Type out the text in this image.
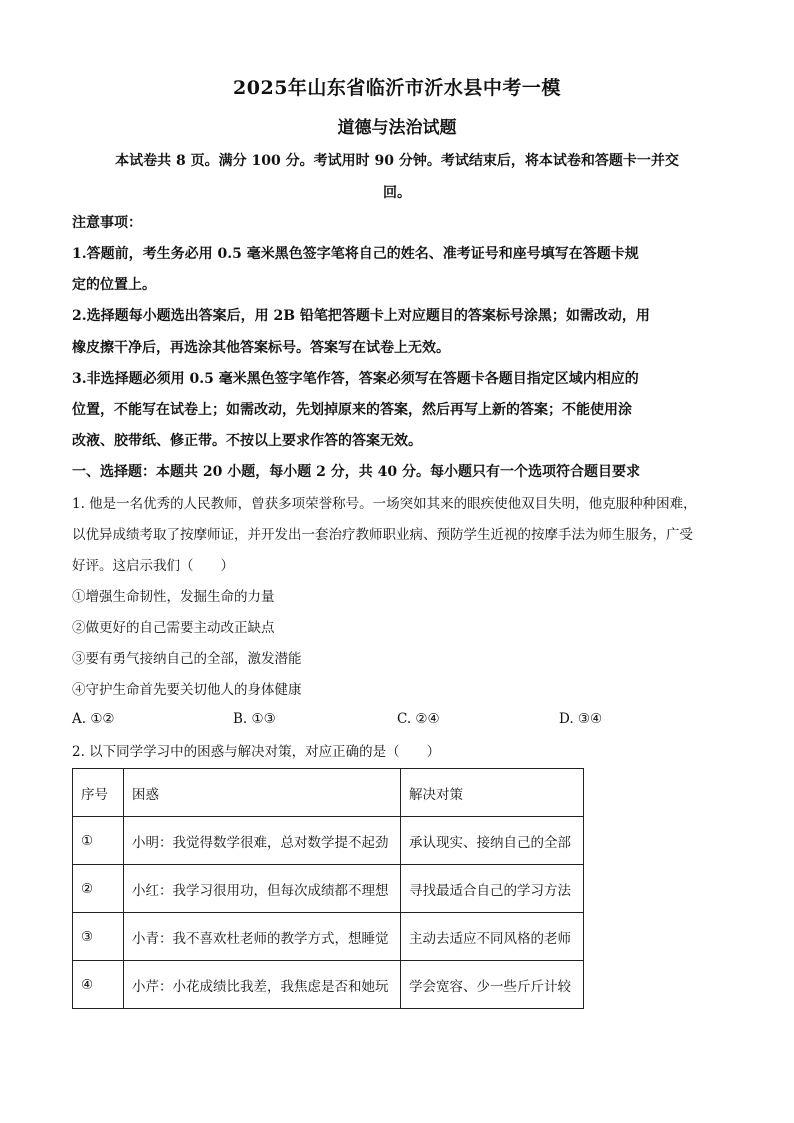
2025年山东省临沂市沂水县中考一模
道德与法治试题
本试卷共 8 页。满分 100 分。考试用时 90 分钟。考试结束后，将本试卷和答题卡一并交
回。
注意事项：
1.答题前，考生务必用 0.5 毫米黑色签字笔将自己的姓名、准考证号和座号填写在答题卡规
定的位置上。
2.选择题每小题选出答案后，用 2B 铅笔把答题卡上对应题目的答案标号涂黑；如需改动，用
橡皮擦干净后，再选涂其他答案标号。答案写在试卷上无效。
3.非选择题必须用 0.5 毫米黑色签字笔作答，答案必须写在答题卡各题目指定区域内相应的
位置，不能写在试卷上；如需改动，先划掉原来的答案，然后再写上新的答案；不能使用涂
改液、胶带纸、修正带。不按以上要求作答的答案无效。
一、选择题：本题共 20 小题，每小题 2 分，共 40 分。每小题只有一个选项符合题目要求
1. 他是一名优秀的人民教师，曾获多项荣誉称号。一场突如其来的眼疾使他双目失明，他克服种种困难，
以优异成绩考取了按摩师证，并开发出一套治疗教师职业病、预防学生近视的按摩手法为师生服务，广受
好评。这启示我们（　　）
①增强生命韧性，发掘生命的力量
②做更好的自己需要主动改正缺点
③要有勇气接纳自己的全部，激发潜能
④守护生命首先要关切他人的身体健康
A. ①②	B. ①③	C. ②④	D. ③④
2. 以下同学学习中的困惑与解决对策，对应正确的是（　　）
序号	困惑	解决对策
①	小明：我觉得数学很难，总对数学提不起劲	承认现实、接纳自己的全部
②	小红：我学习很用功，但每次成绩都不理想	寻找最适合自己的学习方法
③	小青：我不喜欢杜老师的教学方式，想睡觉	主动去适应不同风格的老师
④	小芹：小花成绩比我差，我焦虑是否和她玩	学会宽容、少一些斤斤计较
